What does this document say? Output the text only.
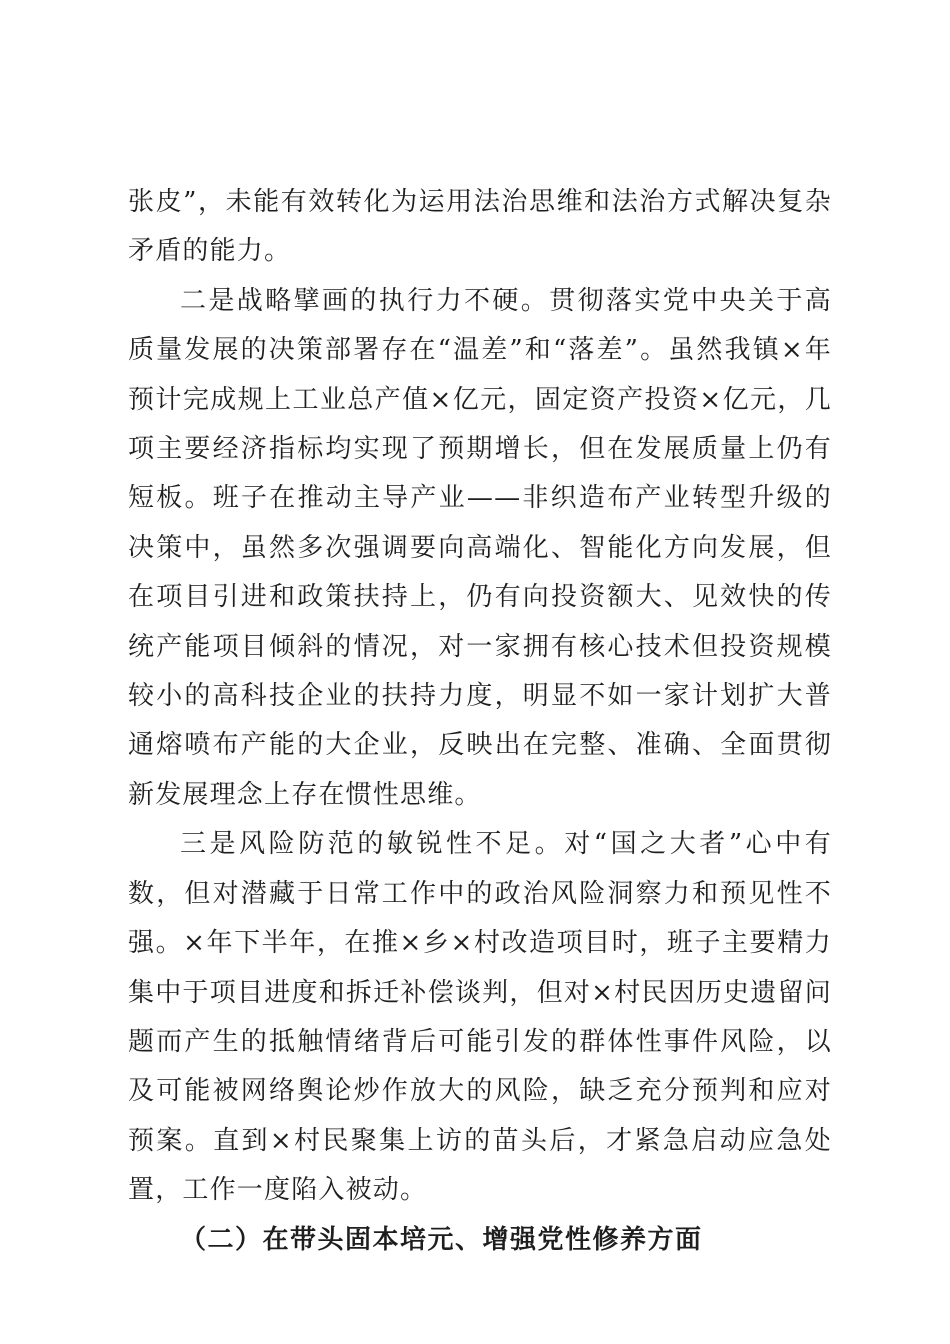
张皮”，未能有效转化为运用法治思维和法治方式解决复杂矛盾的能力。

二是战略擘画的执行力不硬。贯彻落实党中央关于高质量发展的决策部署存在“温差”和“落差”。虽然我镇×年预计完成规上工业总产值×亿元，固定资产投资×亿元，几项主要经济指标均实现了预期增长，但在发展质量上仍有短板。班子在推动主导产业——非织造布产业转型升级的决策中，虽然多次强调要向高端化、智能化方向发展，但在项目引进和政策扶持上，仍有向投资额大、见效快的传统产能项目倾斜的情况，对一家拥有核心技术但投资规模较小的高科技企业的扶持力度，明显不如一家计划扩大普通熔喷布产能的大企业，反映出在完整、准确、全面贯彻新发展理念上存在惯性思维。

三是风险防范的敏锐性不足。对“国之大者”心中有数，但对潜藏于日常工作中的政治风险洞察力和预见性不强。×年下半年，在推×乡×村改造项目时，班子主要精力集中于项目进度和拆迁补偿谈判，但对×村民因历史遗留问题而产生的抵触情绪背后可能引发的群体性事件风险，以及可能被网络舆论炒作放大的风险，缺乏充分预判和应对预案。直到×村民聚集上访的苗头后，才紧急启动应急处置，工作一度陷入被动。

（二）在带头固本培元、增强党性修养方面
